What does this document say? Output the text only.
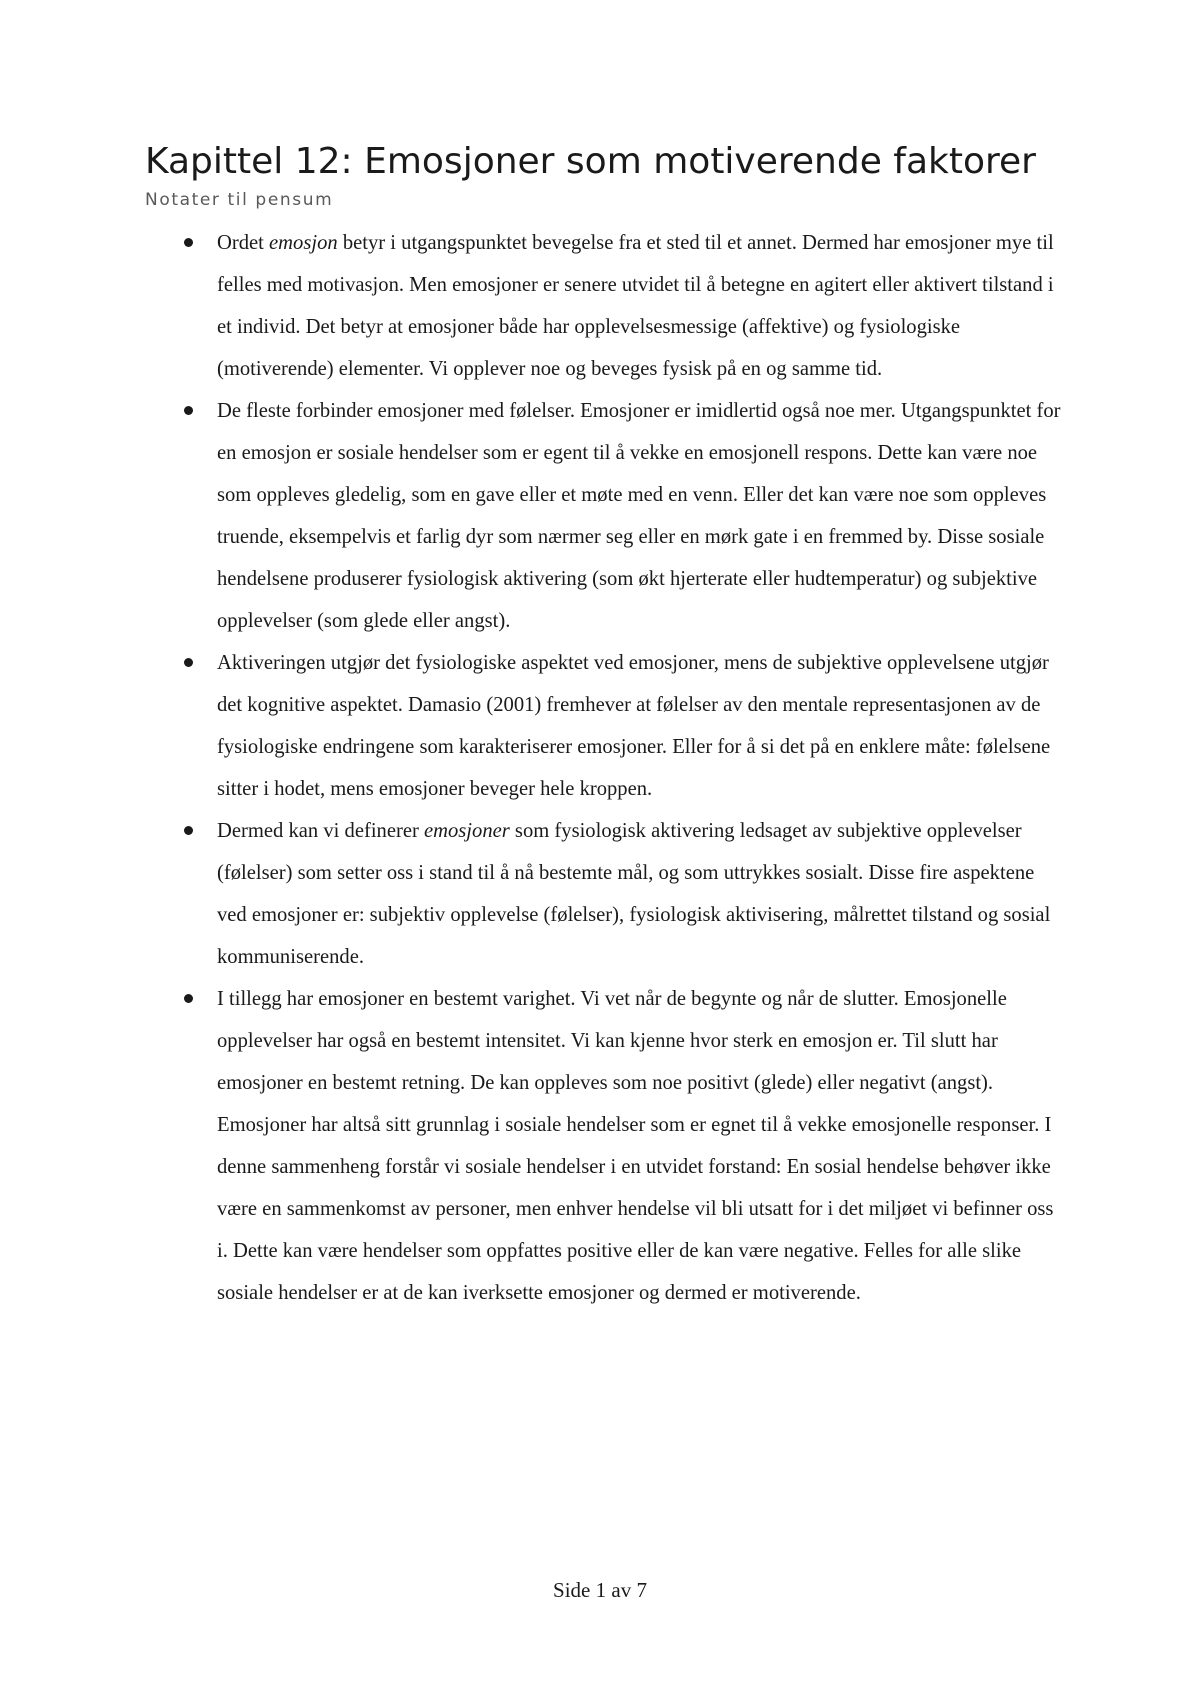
Kapittel 12: Emosjoner som motiverende faktorer
Notater til pensum
Ordet emosjon betyr i utgangspunktet bevegelse fra et sted til et annet. Dermed har emosjoner mye til felles med motivasjon. Men emosjoner er senere utvidet til å betegne en agitert eller aktivert tilstand i et individ. Det betyr at emosjoner både har opplevelsesmessige (affektive) og fysiologiske (motiverende) elementer. Vi opplever noe og beveges fysisk på en og samme tid.
De fleste forbinder emosjoner med følelser. Emosjoner er imidlertid også noe mer. Utgangspunktet for en emosjon er sosiale hendelser som er egent til å vekke en emosjonell respons. Dette kan være noe som oppleves gledelig, som en gave eller et møte med en venn. Eller det kan være noe som oppleves truende, eksempelvis et farlig dyr som nærmer seg eller en mørk gate i en fremmed by. Disse sosiale hendelsene produserer fysiologisk aktivering (som økt hjerterate eller hudtemperatur) og subjektive opplevelser (som glede eller angst).
Aktiveringen utgjør det fysiologiske aspektet ved emosjoner, mens de subjektive opplevelsene utgjør det kognitive aspektet. Damasio (2001) fremhever at følelser av den mentale representasjonen av de fysiologiske endringene som karakteriserer emosjoner. Eller for å si det på en enklere måte: følelsene sitter i hodet, mens emosjoner beveger hele kroppen.
Dermed kan vi definerer emosjoner som fysiologisk aktivering ledsaget av subjektive opplevelser (følelser) som setter oss i stand til å nå bestemte mål, og som uttrykkes sosialt. Disse fire aspektene ved emosjoner er: subjektiv opplevelse (følelser), fysiologisk aktivisering, målrettet tilstand og sosial kommuniserende.
I tillegg har emosjoner en bestemt varighet. Vi vet når de begynte og når de slutter. Emosjonelle opplevelser har også en bestemt intensitet. Vi kan kjenne hvor sterk en emosjon er. Til slutt har emosjoner en bestemt retning. De kan oppleves som noe positivt (glede) eller negativt (angst). Emosjoner har altså sitt grunnlag i sosiale hendelser som er egnet til å vekke emosjonelle responser. I denne sammenheng forstår vi sosiale hendelser i en utvidet forstand: En sosial hendelse behøver ikke være en sammenkomst av personer, men enhver hendelse vil bli utsatt for i det miljøet vi befinner oss i. Dette kan være hendelser som oppfattes positive eller de kan være negative. Felles for alle slike sosiale hendelser er at de kan iverksette emosjoner og dermed er motiverende.
Side 1 av 7
